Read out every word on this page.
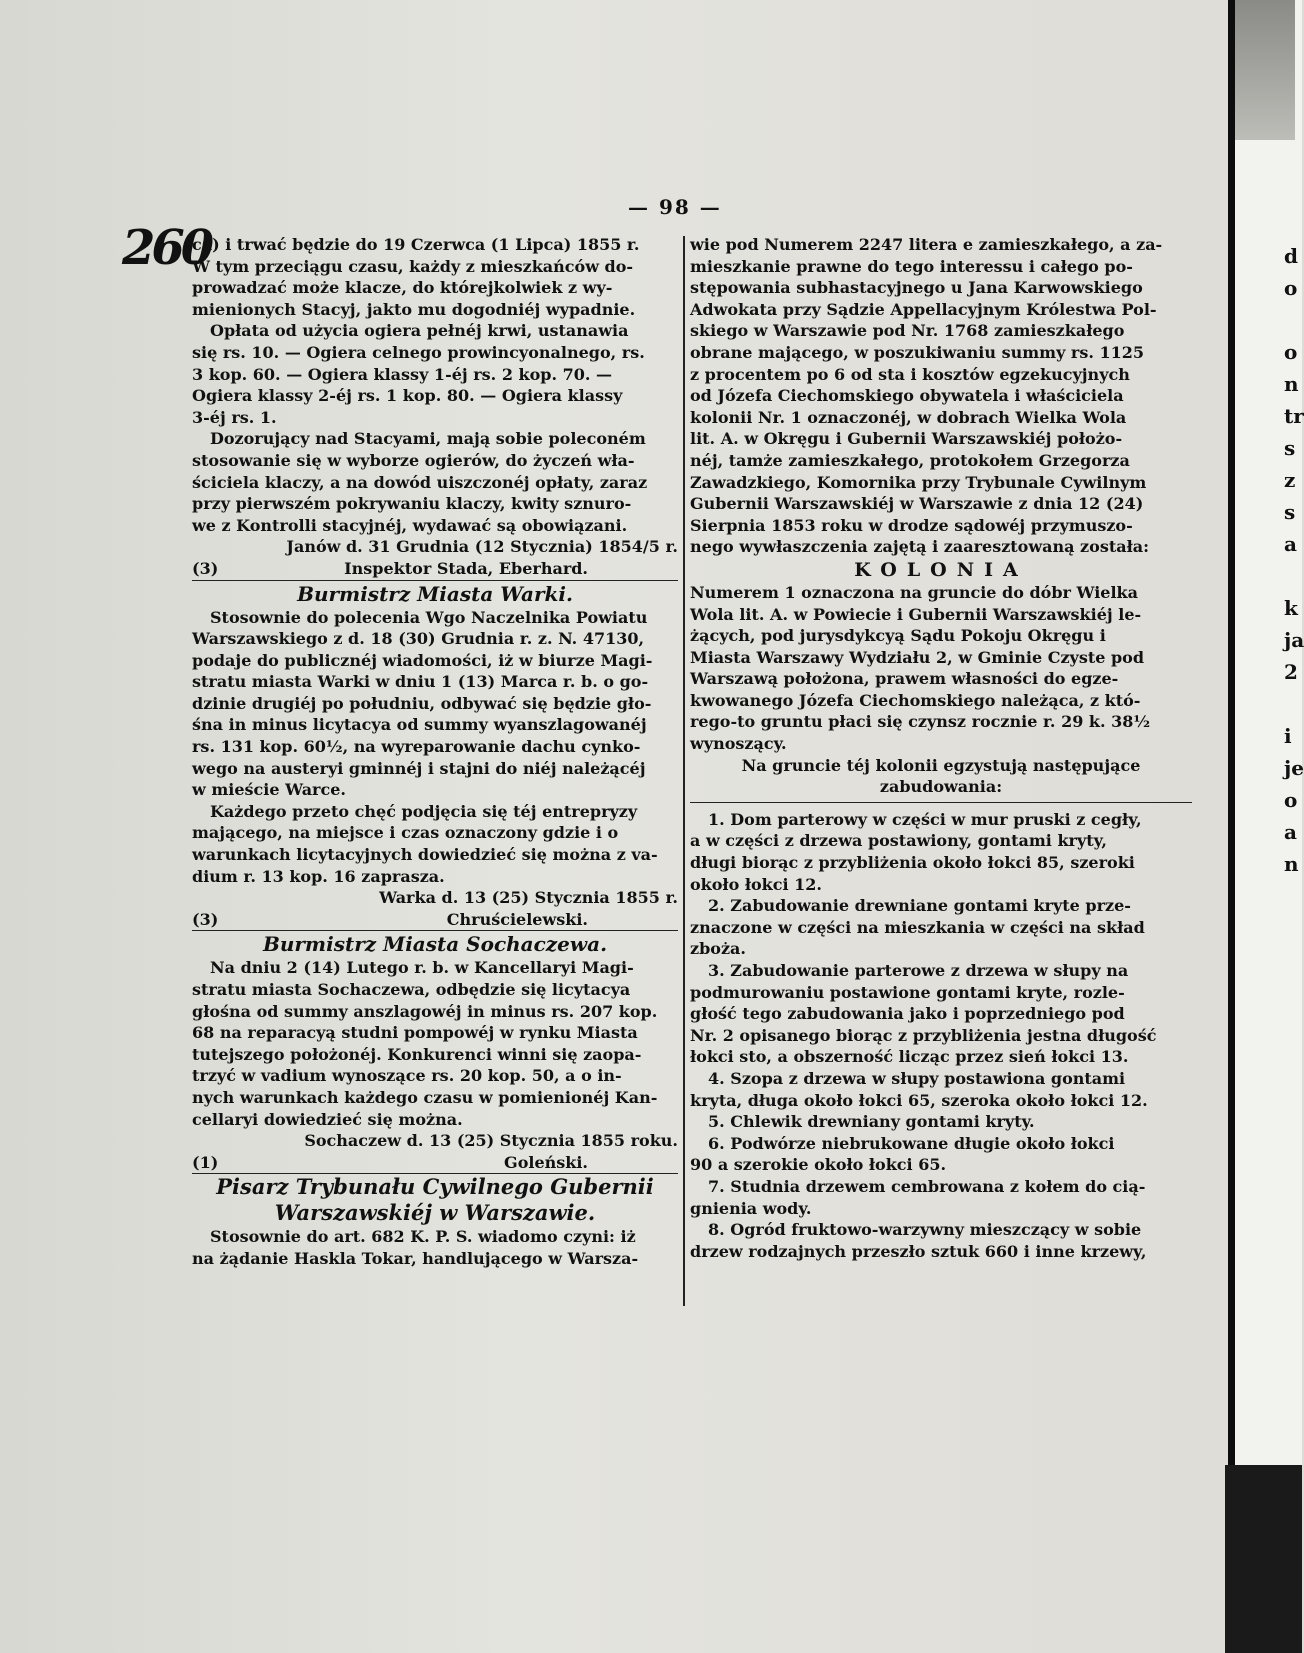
d
o
o
n
tr
s
z
s
a
k
ja
2
i
je
o
a
n
— 98 —
260
ca) i trwać będzie do 19 Czerwca (1 Lipca) 1855 r.
W tym przeciągu czasu, każdy z mieszkańców do-
prowadzać może klacze, do którejkolwiek z wy-
mienionych Stacyj, jakto mu dogodniéj wypadnie.
Opłata od użycia ogiera pełnéj krwi, ustanawia
się rs. 10. — Ogiera celnego prowincyonalnego, rs.
3 kop. 60. — Ogiera klassy 1-éj rs. 2 kop. 70. —
Ogiera klassy 2-éj rs. 1 kop. 80. — Ogiera klassy
3-éj rs. 1.
Dozorujący nad Stacyami, mają sobie poleconém
stosowanie się w wyborze ogierów, do życzeń wła-
ściciela klaczy, a na dowód uiszczonéj opłaty, zaraz
przy pierwszém pokrywaniu klaczy, kwity sznuro-
we z Kontrolli stacyjnéj, wydawać są obowiązani.
Janów d. 31 Grudnia (12 Stycznia) 1854/5 r.
(3)	Inspektor Stada, Eberhard.
Burmistrz Miasta Warki.
Stosownie do polecenia Wgo Naczelnika Powiatu
Warszawskiego z d. 18 (30) Grudnia r. z. N. 47130,
podaje do publicznéj wiadomości, iż w biurze Magi-
stratu miasta Warki w dniu 1 (13) Marca r. b. o go-
dzinie drugiéj po południu, odbywać się będzie gło-
śna in minus licytacya od summy wyanszlagowanéj
rs. 131 kop. 60½, na wyreparowanie dachu cynko-
wego na austeryi gminnéj i stajni do niéj należącéj
w mieście Warce.
Każdego przeto chęć podjęcia się téj entrepryzy
mającego, na miejsce i czas oznaczony gdzie i o
warunkach licytacyjnych dowiedzieć się można z va-
dium r. 13 kop. 16 zaprasza.
Warka d. 13 (25) Stycznia 1855 r.
(3)	Chruścielewski.
Burmistrz Miasta Sochaczewa.
Na dniu 2 (14) Lutego r. b. w Kancellaryi Magi-
stratu miasta Sochaczewa, odbędzie się licytacya
głośna od summy anszlagowéj in minus rs. 207 kop.
68 na reparacyą studni pompowéj w rynku Miasta
tutejszego położonéj. Konkurenci winni się zaopa-
trzyć w vadium wynoszące rs. 20 kop. 50, a o in-
nych warunkach każdego czasu w pomienionéj Kan-
cellaryi dowiedzieć się można.
Sochaczew d. 13 (25) Stycznia 1855 roku.
(1)	Goleński.
Pisarz Trybunału Cywilnego Gubernii
Warszawskiéj w Warszawie.
Stosownie do art. 682 K. P. S. wiadomo czyni: iż
na żądanie Haskla Tokar, handlującego w Warsza-
wie pod Numerem 2247 litera e zamieszkałego, a za-
mieszkanie prawne do tego interessu i całego po-
stępowania subhastacyjnego u Jana Karwowskiego
Adwokata przy Sądzie Appellacyjnym Królestwa Pol-
skiego w Warszawie pod Nr. 1768 zamieszkałego
obrane mającego, w poszukiwaniu summy rs. 1125
z procentem po 6 od sta i kosztów egzekucyjnych
od Józefa Ciechomskiego obywatela i właściciela
kolonii Nr. 1 oznaczonéj, w dobrach Wielka Wola
lit. A. w Okręgu i Gubernii Warszawskiéj położo-
néj, tamże zamieszkałego, protokołem Grzegorza
Zawadzkiego, Komornika przy Trybunale Cywilnym
Gubernii Warszawskiéj w Warszawie z dnia 12 (24)
Sierpnia 1853 roku w drodze sądowéj przymuszo-
nego wywłaszczenia zajętą i zaaresztowaną została:
KOLONIA
Numerem 1 oznaczona na gruncie do dóbr Wielka
Wola lit. A. w Powiecie i Gubernii Warszawskiéj le-
żących, pod jurysdykcyą Sądu Pokoju Okręgu i
Miasta Warszawy Wydziału 2, w Gminie Czyste pod
Warszawą położona, prawem własności do egze-
kwowanego Józefa Ciechomskiego należąca, z któ-
rego-to gruntu płaci się czynsz rocznie r. 29 k. 38½
wynoszący.
Na gruncie téj kolonii egzystują następujące
zabudowania:
1. Dom parterowy w części w mur pruski z cegły,
a w części z drzewa postawiony, gontami kryty,
długi biorąc z przybliżenia około łokci 85, szeroki
około łokci 12.
2. Zabudowanie drewniane gontami kryte prze-
znaczone w części na mieszkania w części na skład
zboża.
3. Zabudowanie parterowe z drzewa w słupy na
podmurowaniu postawione gontami kryte, rozle-
głość tego zabudowania jako i poprzedniego pod
Nr. 2 opisanego biorąc z przybliżenia jestna długość
łokci sto, a obszerność licząc przez sień łokci 13.
4. Szopa z drzewa w słupy postawiona gontami
kryta, długa około łokci 65, szeroka około łokci 12.
5. Chlewik drewniany gontami kryty.
6. Podwórze niebrukowane długie około łokci
90 a szerokie około łokci 65.
7. Studnia drzewem cembrowana z kołem do cią-
gnienia wody.
8. Ogród fruktowo-warzywny mieszczący w sobie
drzew rodzajnych przeszło sztuk 660 i inne krzewy,
